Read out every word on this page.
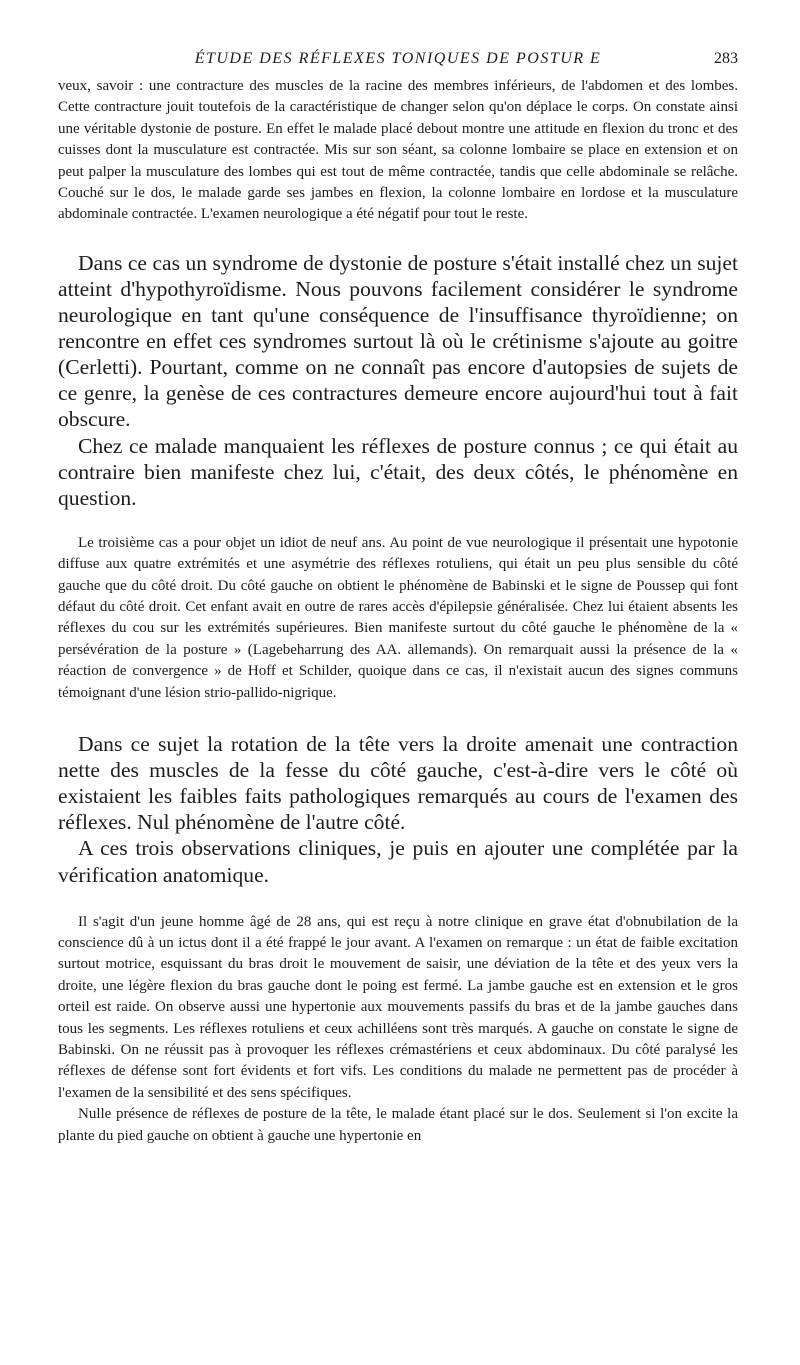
ÉTUDE DES RÉFLEXES TONIQUES DE POSTUR E	283

veux, savoir : une contracture des muscles de la racine des membres inférieurs, de l'abdomen et des lombes. Cette contracture jouit toutefois de la caractéristique de changer selon qu'on déplace le corps. On constate ainsi une véritable dystonie de posture. En effet le malade placé debout montre une attitude en flexion du tronc et des cuisses dont la musculature est contractée. Mis sur son séant, sa colonne lombaire se place en extension et on peut palper la musculature des lombes qui est tout de même contractée, tandis que celle abdominale se relâche. Couché sur le dos, le malade garde ses jambes en flexion, la colonne lombaire en lordose et la musculature abdominale contractée. L'examen neurologique a été négatif pour tout le reste.

Dans ce cas un syndrome de dystonie de posture s'était installé chez un sujet atteint d'hypothyroïdisme. Nous pouvons facilement considérer le syndrome neurologique en tant qu'une conséquence de l'insuffisance thyroïdienne; on rencontre en effet ces syndromes surtout là où le crétinisme s'ajoute au goitre (Cerletti). Pourtant, comme on ne connaît pas encore d'autopsies de sujets de ce genre, la genèse de ces contractures demeure encore aujourd'hui tout à fait obscure.

Chez ce malade manquaient les réflexes de posture connus ; ce qui était au contraire bien manifeste chez lui, c'était, des deux côtés, le phénomène en question.

Le troisième cas a pour objet un idiot de neuf ans. Au point de vue neurologique il présentait une hypotonie diffuse aux quatre extrémités et une asymétrie des réflexes rotuliens, qui était un peu plus sensible du côté gauche que du côté droit. Du côté gauche on obtient le phénomène de Babinski et le signe de Poussep qui font défaut du côté droit. Cet enfant avait en outre de rares accès d'épilepsie généralisée. Chez lui étaient absents les réflexes du cou sur les extrémités supérieures. Bien manifeste surtout du côté gauche le phénomène de la « persévération de la posture » (Lagebeharrung des AA. allemands). On remarquait aussi la présence de la « réaction de convergence » de Hoff et Schilder, quoique dans ce cas, il n'existait aucun des signes communs témoignant d'une lésion strio-pallido-nigrique.

Dans ce sujet la rotation de la tête vers la droite amenait une contraction nette des muscles de la fesse du côté gauche, c'est-à-dire vers le côté où existaient les faibles faits pathologiques remarqués au cours de l'examen des réflexes. Nul phénomène de l'autre côté.

A ces trois observations cliniques, je puis en ajouter une complétée par la vérification anatomique.

Il s'agit d'un jeune homme âgé de 28 ans, qui est reçu à notre clinique en grave état d'obnubilation de la conscience dû à un ictus dont il a été frappé le jour avant. A l'examen on remarque : un état de faible excitation surtout motrice, esquissant du bras droit le mouvement de saisir, une déviation de la tête et des yeux vers la droite, une légère flexion du bras gauche dont le poing est fermé. La jambe gauche est en extension et le gros orteil est raide. On observe aussi une hypertonie aux mouvements passifs du bras et de la jambe gauches dans tous les segments. Les réflexes rotuliens et ceux achilléens sont très marqués. A gauche on constate le signe de Babinski. On ne réussit pas à provoquer les réflexes crémastériens et ceux abdominaux. Du côté paralysé les réflexes de défense sont fort évidents et fort vifs. Les conditions du malade ne permettent pas de procéder à l'examen de la sensibilité et des sens spécifiques.

Nulle présence de réflexes de posture de la tête, le malade étant placé sur le dos. Seulement si l'on excite la plante du pied gauche on obtient à gauche une hypertonie en
